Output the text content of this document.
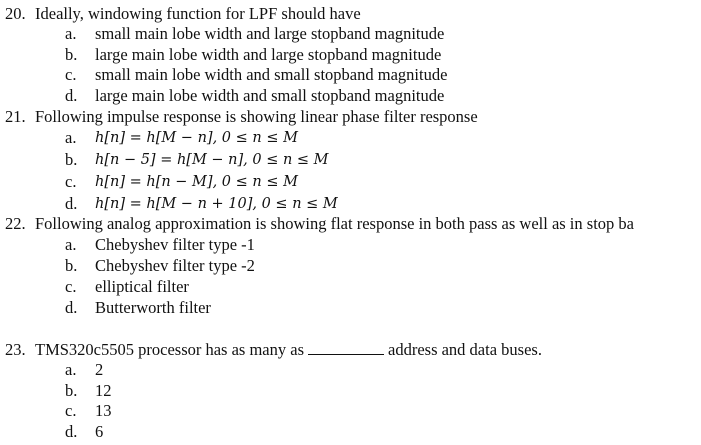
20. Ideally, windowing function for LPF should have
a. small main lobe width and large stopband magnitude
b. large main lobe width and large stopband magnitude
c. small main lobe width and small stopband magnitude
d. large main lobe width and small stopband magnitude
21. Following impulse response is showing linear phase filter response
a. h[n] = h[M − n], 0 ≤ n ≤ M
b. h[n − 5] = h[M − n], 0 ≤ n ≤ M
c. h[n] = h[n − M], 0 ≤ n ≤ M
d. h[n] = h[M − n + 10], 0 ≤ n ≤ M
22. Following analog approximation is showing flat response in both pass as well as in stop ba
a. Chebyshev filter type -1
b. Chebyshev filter type -2
c. elliptical filter
d. Butterworth filter
23. TMS320c5505 processor has as many as	address and data buses.
a. 2
b. 12
c. 13
d. 6
